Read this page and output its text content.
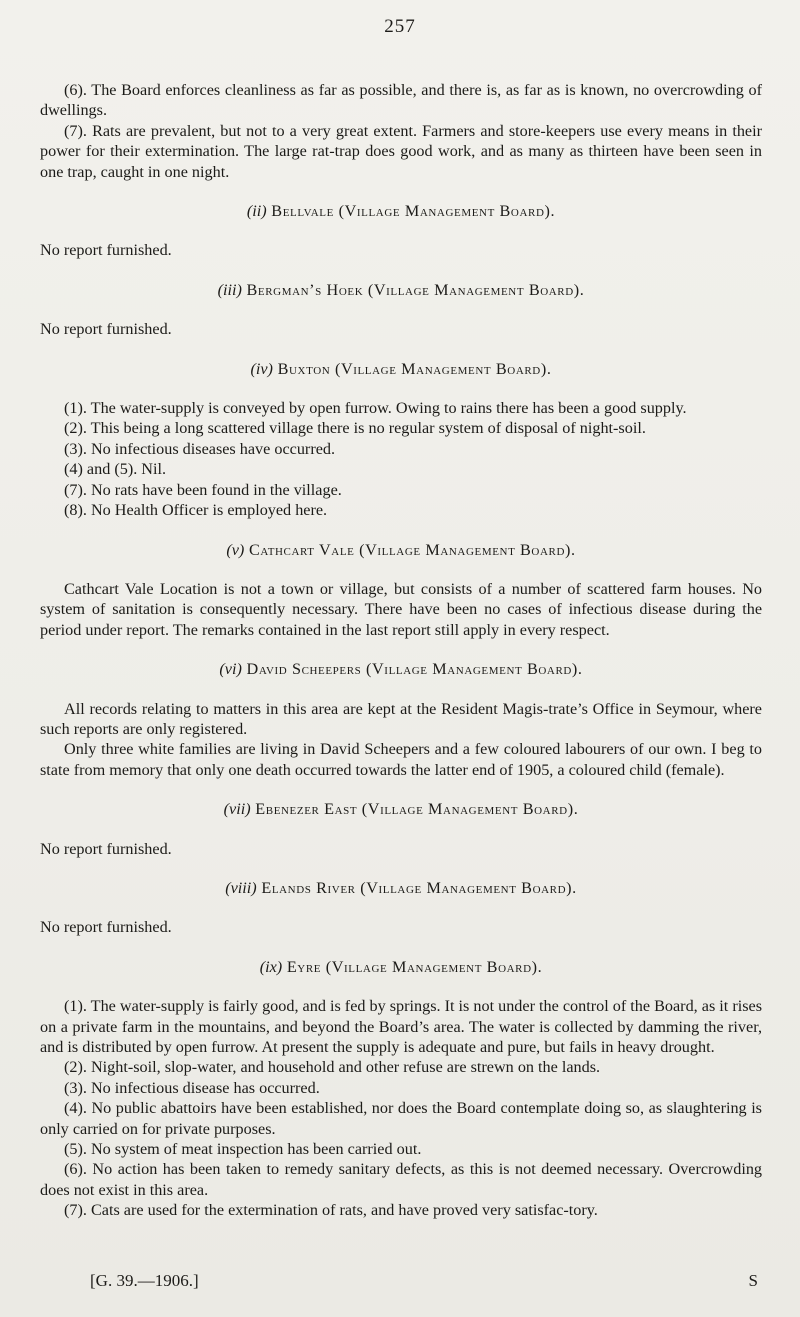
257

(6). The Board enforces cleanliness as far as possible, and there is, as far as is known, no overcrowding of dwellings.

(7). Rats are prevalent, but not to a very great extent. Farmers and store-keepers use every means in their power for their extermination. The large rat-trap does good work, and as many as thirteen have been seen in one trap, caught in one night.

(ii) Bellvale (Village Management Board).

No report furnished.

(iii) Bergman’s Hoek (Village Management Board).

No report furnished.

(iv) Buxton (Village Management Board).

(1). The water-supply is conveyed by open furrow. Owing to rains there has been a good supply.

(2). This being a long scattered village there is no regular system of disposal of night-soil.

(3). No infectious diseases have occurred.

(4) and (5). Nil.

(7). No rats have been found in the village.

(8). No Health Officer is employed here.

(v) Cathcart Vale (Village Management Board).

Cathcart Vale Location is not a town or village, but consists of a number of scattered farm houses. No system of sanitation is consequently necessary. There have been no cases of infectious disease during the period under report. The remarks contained in the last report still apply in every respect.

(vi) David Scheepers (Village Management Board).

All records relating to matters in this area are kept at the Resident Magis-trate’s Office in Seymour, where such reports are only registered.

Only three white families are living in David Scheepers and a few coloured labourers of our own. I beg to state from memory that only one death occurred towards the latter end of 1905, a coloured child (female).

(vii) Ebenezer East (Village Management Board).

No report furnished.

(viii) Elands River (Village Management Board).

No report furnished.

(ix) Eyre (Village Management Board).

(1). The water-supply is fairly good, and is fed by springs. It is not under the control of the Board, as it rises on a private farm in the mountains, and beyond the Board’s area. The water is collected by damming the river, and is distributed by open furrow. At present the supply is adequate and pure, but fails in heavy drought.

(2). Night-soil, slop-water, and household and other refuse are strewn on the lands.

(3). No infectious disease has occurred.

(4). No public abattoirs have been established, nor does the Board contemplate doing so, as slaughtering is only carried on for private purposes.

(5). No system of meat inspection has been carried out.

(6). No action has been taken to remedy sanitary defects, as this is not deemed necessary. Overcrowding does not exist in this area.

(7). Cats are used for the extermination of rats, and have proved very satisfac-tory.

[G. 39.—1906.]	S
